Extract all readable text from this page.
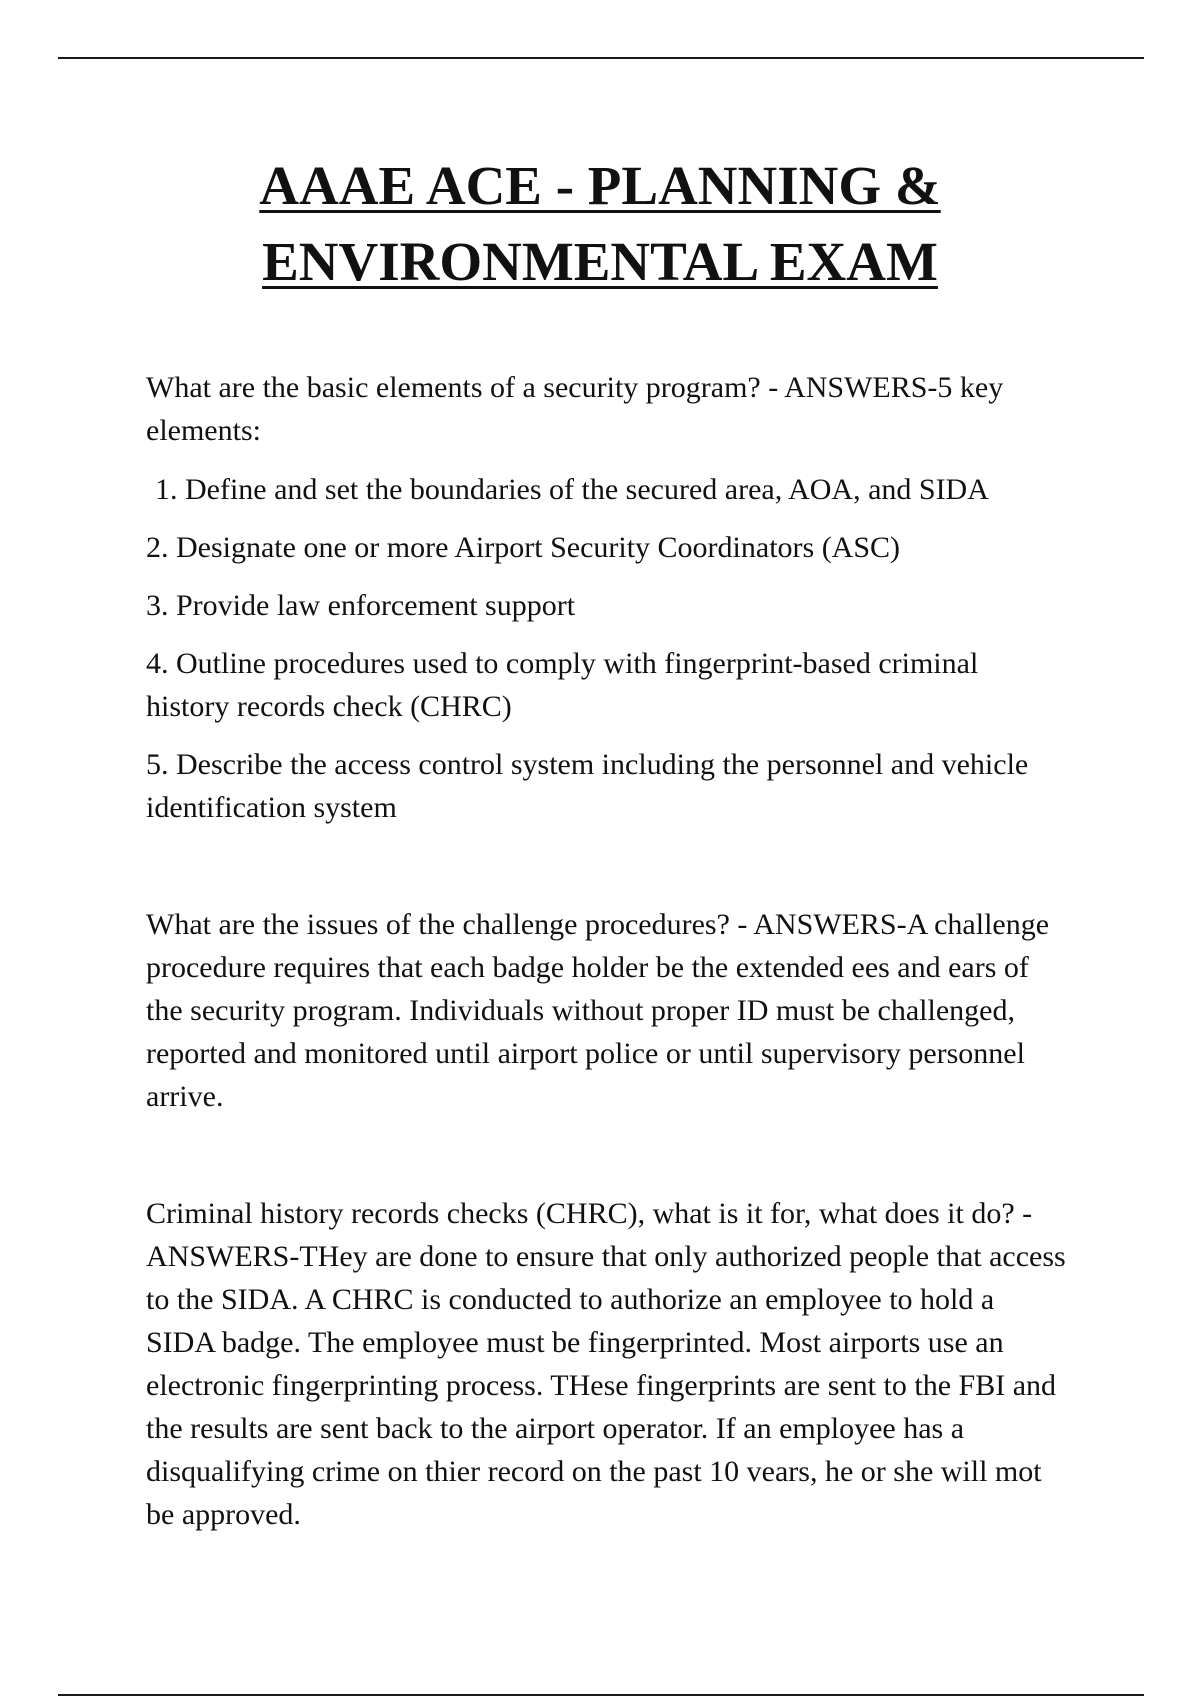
AAAE ACE - PLANNING &
ENVIRONMENTAL EXAM

What are the basic elements of a security program? - ANSWERS-5 key elements:

1. Define and set the boundaries of the secured area, AOA, and SIDA

2. Designate one or more Airport Security Coordinators (ASC)

3. Provide law enforcement support

4. Outline procedures used to comply with fingerprint-based criminal history records check (CHRC)

5. Describe the access control system including the personnel and vehicle identification system

What are the issues of the challenge procedures? - ANSWERS-A challenge procedure requires that each badge holder be the extended ees and ears of the security program. Individuals without proper ID must be challenged, reported and monitored until airport police or until supervisory personnel arrive.

Criminal history records checks (CHRC), what is it for, what does it do? - ANSWERS-THey are done to ensure that only authorized people that access to the SIDA. A CHRC is conducted to authorize an employee to hold a SIDA badge. The employee must be fingerprinted. Most airports use an electronic fingerprinting process. THese fingerprints are sent to the FBI and the results are sent back to the airport operator. If an employee has a disqualifying crime on thier record on the past 10 vears, he or she will mot be approved.
